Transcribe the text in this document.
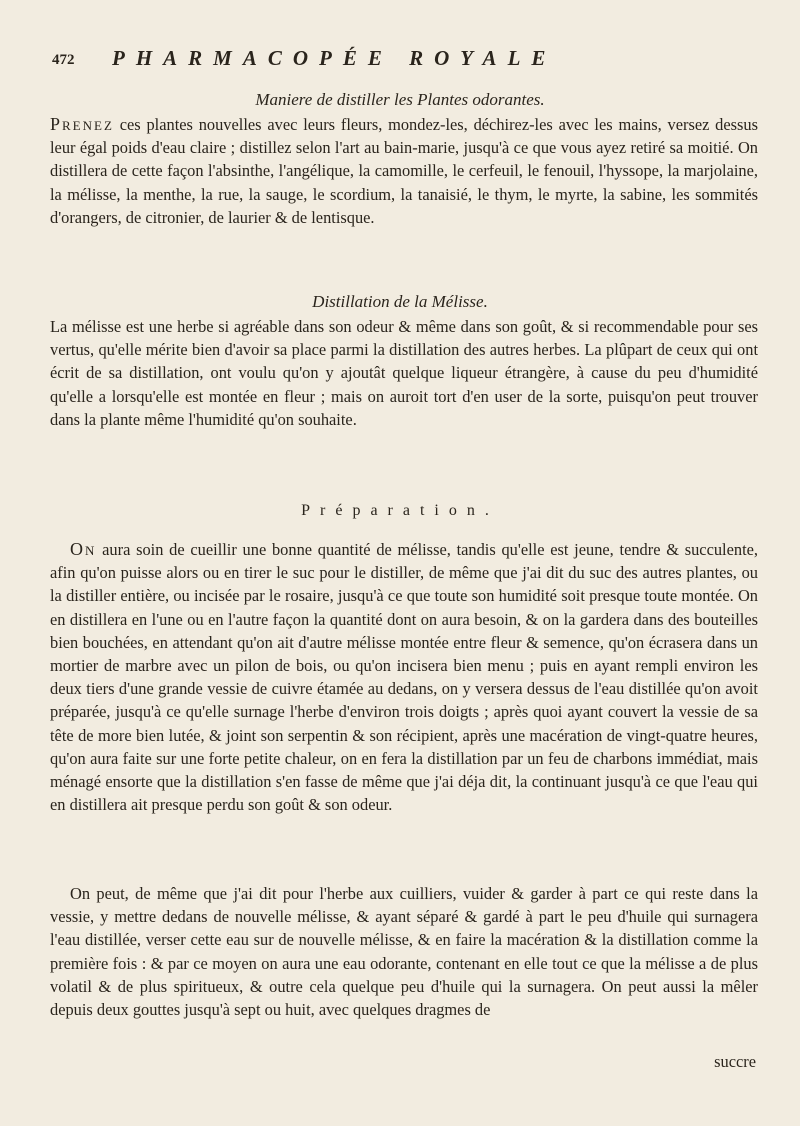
472 PHARMACOPÉE ROYALE
Maniere de distiller les Plantes odorantes.

Prenez ces plantes nouvelles avec leurs fleurs, mondez-les, déchirez-les avec les mains, versez dessus leur égal poids d'eau claire ; distillez selon l'art au bain-marie, jusqu'à ce que vous ayez retiré sa moitié. On distillera de cette façon l'absinthe, l'angélique, la camomille, le cerfeuil, le fenouil, l'hyssope, la marjolaine, la mélisse, la menthe, la rue, la sauge, le scordium, la tanaisié, le thym, le myrte, la sabine, les sommités d'orangers, de citronier, de laurier & de lentisque.

Distillation de la Mélisse.

La mélisse est une herbe si agréable dans son odeur & même dans son goût, & si recommendable pour ses vertus, qu'elle mérite bien d'avoir sa place parmi la distillation des autres herbes. La plûpart de ceux qui ont écrit de sa distillation, ont voulu qu'on y ajoutât quelque liqueur étrangère, à cause du peu d'humidité qu'elle a lorsqu'elle est montée en fleur ; mais on auroit tort d'en user de la sorte, puisqu'on peut trouver dans la plante même l'humidité qu'on souhaite.

Préparation.

On aura soin de cueillir une bonne quantité de mélisse, tandis qu'elle est jeune, tendre & succulente, afin qu'on puisse alors ou en tirer le suc pour le distiller, de même que j'ai dit du suc des autres plantes, ou la distiller entière, ou incisée par le rosaire, jusqu'à ce que toute son humidité soit presque toute montée. On en distillera en l'une ou en l'autre façon la quantité dont on aura besoin, & on la gardera dans des bouteilles bien bouchées, en attendant qu'on ait d'autre mélisse montée entre fleur & semence, qu'on écrasera dans un mortier de marbre avec un pilon de bois, ou qu'on incisera bien menu ; puis en ayant rempli environ les deux tiers d'une grande vessie de cuivre étamée au dedans, on y versera dessus de l'eau distillée qu'on avoit préparée, jusqu'à ce qu'elle surnage l'herbe d'environ trois doigts ; après quoi ayant couvert la vessie de sa tête de more bien lutée, & joint son serpentin & son récipient, après une macération de vingt-quatre heures, qu'on aura faite sur une forte petite chaleur, on en fera la distillation par un feu de charbons immédiat, mais ménagé ensorte que la distillation s'en fasse de même que j'ai déja dit, la continuant jusqu'à ce que l'eau qui en distillera ait presque perdu son goût & son odeur.

On peut, de même que j'ai dit pour l'herbe aux cuilliers, vuider & garder à part ce qui reste dans la vessie, y mettre dedans de nouvelle mélisse, & ayant séparé & gardé à part le peu d'huile qui surnagera l'eau distillée, verser cette eau sur de nouvelle mélisse, & en faire la macération & la distillation comme la première fois : & par ce moyen on aura une eau odorante, contenant en elle tout ce que la mélisse a de plus volatil & de plus spiritueux, & outre cela quelque peu d'huile qui la surnagera. On peut aussi la mêler depuis deux gouttes jusqu'à sept ou huit, avec quelques dragmes de

succre
